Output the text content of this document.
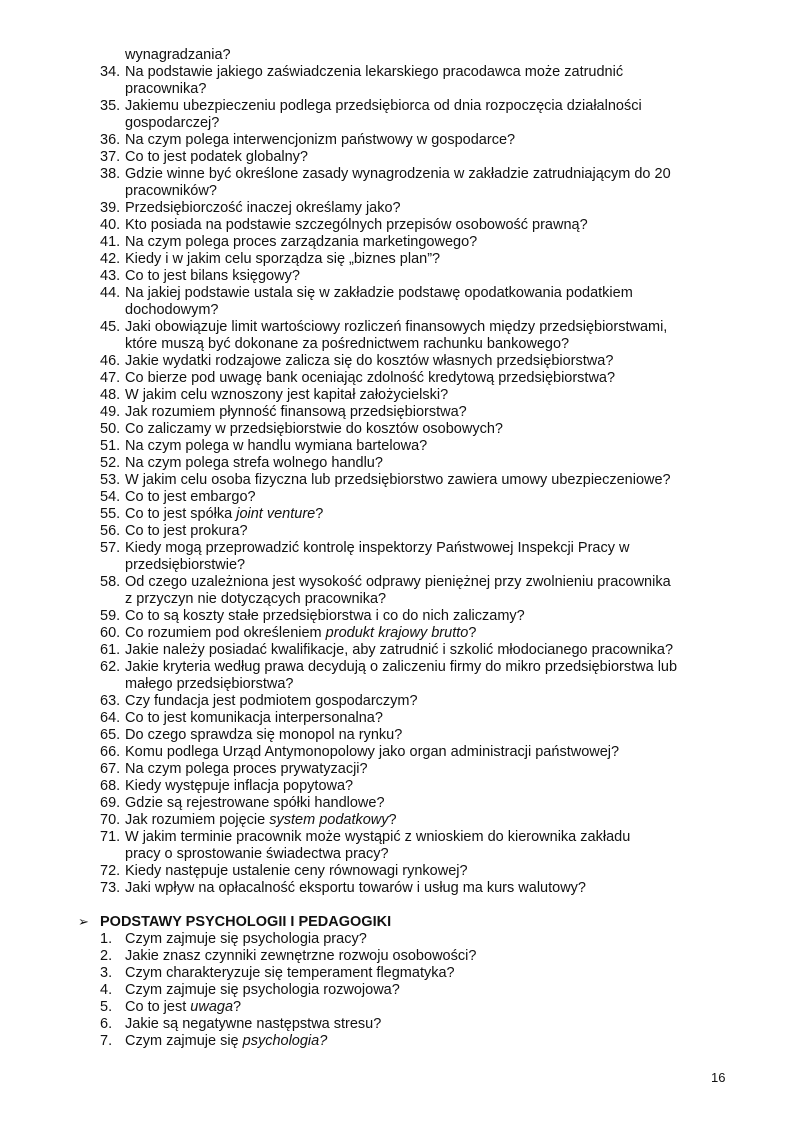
wynagradzania?
34. Na podstawie jakiego zaświadczenia lekarskiego pracodawca może zatrudnić
pracownika?
35. Jakiemu ubezpieczeniu podlega przedsiębiorca od dnia rozpoczęcia działalności
gospodarczej?
36. Na czym polega interwencjonizm państwowy w gospodarce?
37. Co to jest podatek globalny?
38. Gdzie winne być określone zasady wynagrodzenia w zakładzie zatrudniającym do 20
pracowników?
39. Przedsiębiorczość inaczej określamy jako?
40. Kto posiada na podstawie szczególnych przepisów osobowość prawną?
41. Na czym polega proces zarządzania marketingowego?
42. Kiedy i w jakim celu sporządza się „biznes plan”?
43. Co to jest bilans księgowy?
44. Na jakiej podstawie ustala się w zakładzie podstawę opodatkowania podatkiem
dochodowym?
45. Jaki obowiązuje limit wartościowy rozliczeń finansowych między przedsiębiorstwami,
które muszą być dokonane za pośrednictwem rachunku bankowego?
46. Jakie wydatki rodzajowe zalicza się do kosztów własnych przedsiębiorstwa?
47. Co bierze pod uwagę bank oceniając zdolność kredytową przedsiębiorstwa?
48. W jakim celu wznoszony jest kapitał założycielski?
49. Jak rozumiem płynność finansową przedsiębiorstwa?
50. Co zaliczamy w przedsiębiorstwie do kosztów osobowych?
51. Na czym polega w handlu wymiana bartelowa?
52. Na czym polega strefa wolnego handlu?
53. W jakim celu osoba fizyczna lub przedsiębiorstwo zawiera umowy ubezpieczeniowe?
54. Co to jest embargo?
55. Co to jest spółka joint venture?
56. Co to jest prokura?
57. Kiedy mogą przeprowadzić kontrolę inspektorzy Państwowej Inspekcji Pracy w
przedsiębiorstwie?
58. Od czego uzależniona jest wysokość odprawy pieniężnej przy zwolnieniu pracownika
z przyczyn nie dotyczących pracownika?
59. Co to są koszty stałe przedsiębiorstwa i co do nich zaliczamy?
60. Co rozumiem pod określeniem produkt krajowy brutto?
61. Jakie należy posiadać kwalifikacje, aby zatrudnić i szkolić młodocianego pracownika?
62. Jakie kryteria według prawa decydują o zaliczeniu firmy do mikro przedsiębiorstwa lub
małego przedsiębiorstwa?
63. Czy fundacja jest podmiotem gospodarczym?
64. Co to jest komunikacja interpersonalna?
65. Do czego sprawdza się monopol na rynku?
66. Komu podlega Urząd Antymonopolowy jako organ administracji państwowej?
67. Na czym polega proces prywatyzacji?
68. Kiedy występuje inflacja popytowa?
69. Gdzie są rejestrowane spółki handlowe?
70. Jak rozumiem pojęcie system podatkowy?
71. W jakim terminie pracownik może wystąpić z wnioskiem do kierownika zakładu
pracy o sprostowanie świadectwa pracy?
72. Kiedy następuje ustalenie ceny równowagi rynkowej?
73. Jaki wpływ na opłacalność eksportu towarów i usług ma kurs walutowy?
➢ PODSTAWY PSYCHOLOGII I PEDAGOGIKI
1. Czym zajmuje się psychologia pracy?
2. Jakie znasz czynniki zewnętrzne rozwoju osobowości?
3. Czym charakteryzuje się temperament flegmatyka?
4. Czym zajmuje się psychologia rozwojowa?
5. Co to jest uwaga?
6. Jakie są negatywne następstwa stresu?
7. Czym zajmuje się psychologia?
16
